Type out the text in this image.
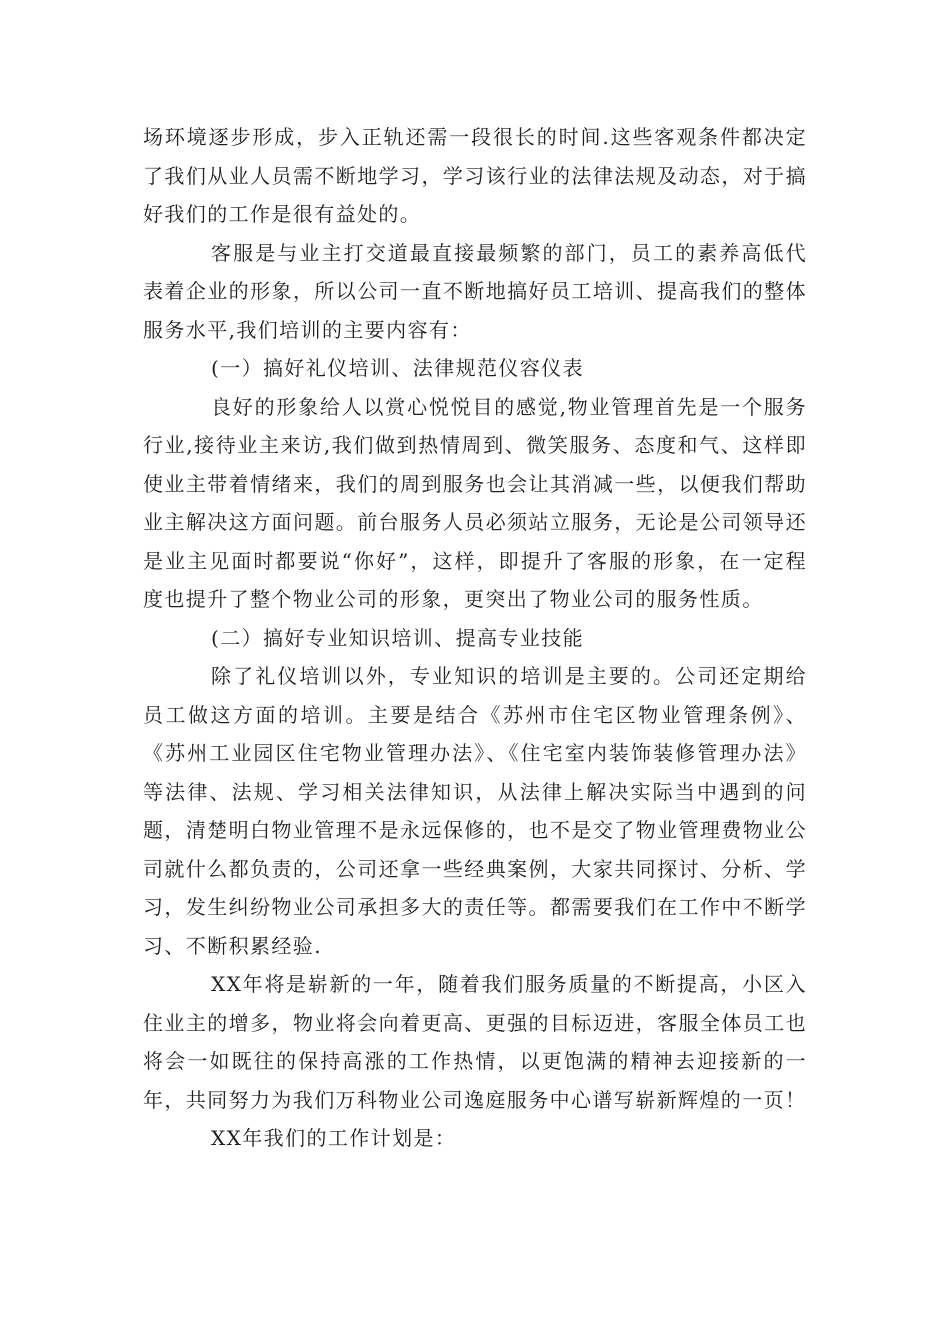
场环境逐步形成，步入正轨还需一段很长的时间.这些客观条件都决定了我们从业人员需不断地学习，学习该行业的法律法规及动态，对于搞好我们的工作是很有益处的。

客服是与业主打交道最直接最频繁的部门，员工的素养高低代表着企业的形象，所以公司一直不断地搞好员工培训、提高我们的整体服务水平,我们培训的主要内容有：

(一）搞好礼仪培训、法律规范仪容仪表

良好的形象给人以赏心悦悦目的感觉,物业管理首先是一个服务行业,接待业主来访,我们做到热情周到、微笑服务、态度和气、这样即使业主带着情绪来，我们的周到服务也会让其消减一些，以便我们帮助业主解决这方面问题。前台服务人员必须站立服务，无论是公司领导还是业主见面时都要说“你好”，这样，即提升了客服的形象，在一定程度也提升了整个物业公司的形象，更突出了物业公司的服务性质。

(二）搞好专业知识培训、提高专业技能

除了礼仪培训以外，专业知识的培训是主要的。公司还定期给员工做这方面的培训。主要是结合《苏州市住宅区物业管理条例》、《苏州工业园区住宅物业管理办法》、《住宅室内装饰装修管理办法》等法律、法规、学习相关法律知识，从法律上解决实际当中遇到的问题，清楚明白物业管理不是永远保修的，也不是交了物业管理费物业公司就什么都负责的，公司还拿一些经典案例，大家共同探讨、分析、学习，发生纠纷物业公司承担多大的责任等。都需要我们在工作中不断学习、不断积累经验.

XX年将是崭新的一年，随着我们服务质量的不断提高，小区入住业主的增多，物业将会向着更高、更强的目标迈进，客服全体员工也将会一如既往的保持高涨的工作热情，以更饱满的精神去迎接新的一年，共同努力为我们万科物业公司逸庭服务中心谱写崭新辉煌的一页！

XX年我们的工作计划是：
